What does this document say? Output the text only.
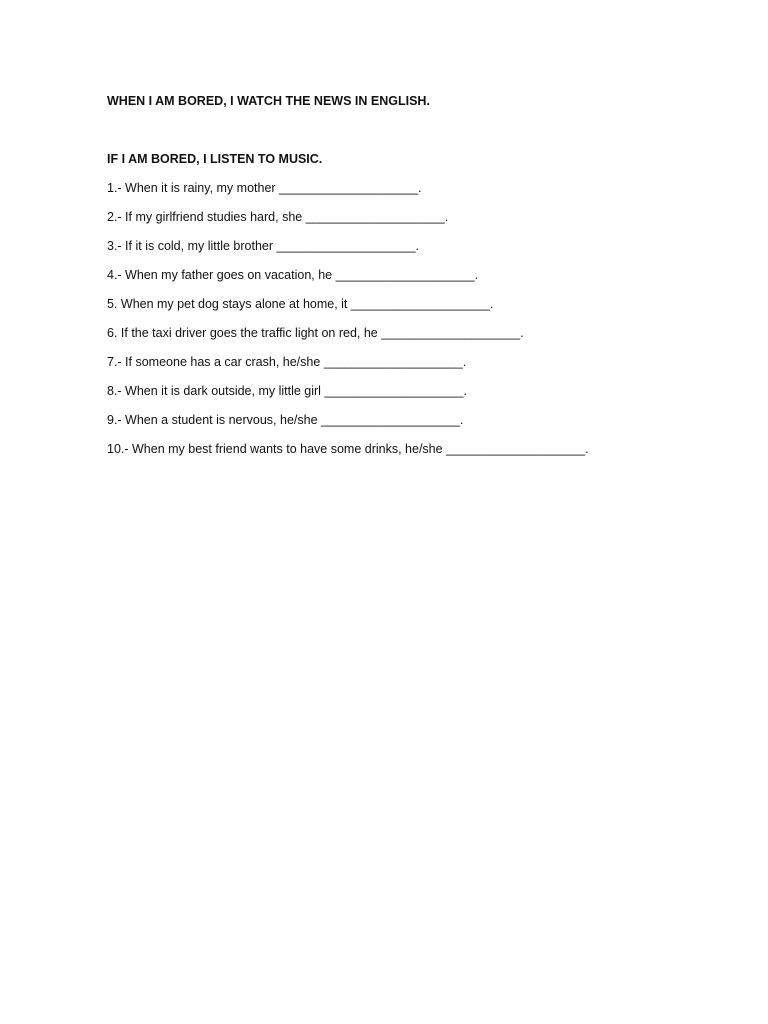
WHEN I AM BORED, I WATCH THE NEWS IN ENGLISH.

IF I AM BORED, I LISTEN TO MUSIC.

1.- When it is rainy, my mother ____________________.
2.- If my girlfriend studies hard, she ____________________.
3.- If it is cold, my little brother ____________________.
4.- When my father goes on vacation, he ____________________.
5. When my pet dog stays alone at home, it ____________________.
6. If the taxi driver goes the traffic light on red, he ____________________.
7.- If someone has a car crash, he/she ____________________.
8.- When it is dark outside, my little girl ____________________.
9.- When a student is nervous, he/she ____________________.
10.- When my best friend wants to have some drinks, he/she ____________________.
